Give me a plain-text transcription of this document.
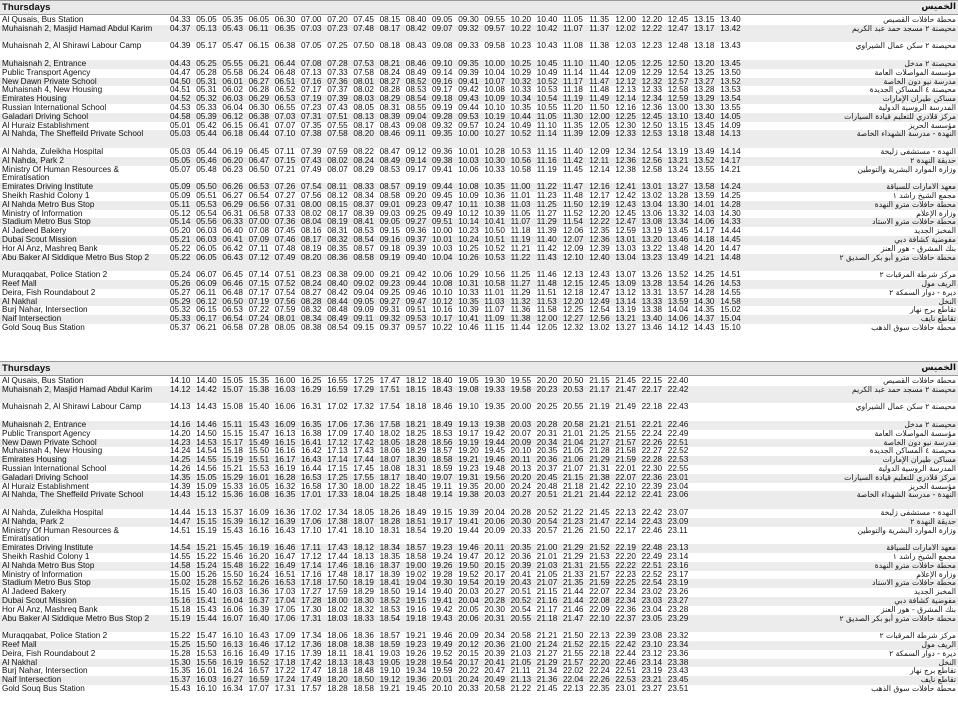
Thursdays	الخميس
Al Qusais, Bus Station	04.33 05.05 05.35 06.05 06.30 07.00 07.20 07.45 08.15 08.40 09.05 09.30 09.55 10.20 10.40 11.05 11.35 12.00 12.20 12.45 13.15 13.40	محطة حافلات القصيص
Muhaisnah 2, Masjid Hamad Abdul Karim	04.37 05.13 05.43 06.11 06.35 07.03 07.23 07.48 08.17 08.42 09.07 09.32 09.57 10.22 10.42 11.07 11.37 12.02 12.22 12.47 13.17 13.42	محيصنة ٢ مسجد حمد عبد الكريم
Muhaisnah 2, Al Shirawi Labour Camp	04.39 05.17 05.47 06.15 06.38 07.05 07.25 07.50 08.18 08.43 09.08 09.33 09.58 10.23 10.43 11.08 11.38 12.03 12.23 12.48 13.18 13.43	محيصنة ٢ سكن عمال الشيراوي
Muhaisnah 2, Entrance	04.43 05.25 05.55 06.21 06.44 07.08 07.28 07.53 08.21 08.46 09.10 09.35 10.00 10.25 10.45 11.10 11.40 12.05 12.25 12.50 13.20 13.45	محيصنة ٢ مدخل
Public Transport Agency	04.47 05.28 05.58 06.24 06.48 07.13 07.33 07.58 08.24 08.49 09.14 09.39 10.04 10.29 10.49 11.14 11.44 12.09 12.29 12.54 13.25 13.50	مؤسسة المواصلات العامة
New Dawn Private School	04.50 05.31 06.01 06.27 06.51 07.16 07.36 08.01 08.27 08.52 09.16 09.41 10.07 10.32 10.52 11.17 11.47 12.12 12.32 12.57 13.27 13.52	مدرسة نيو دون الخاصة
Muhaisnah 4, New Housing	04.51 05.31 06.02 06.28 06.52 07.17 07.37 08.02 08.28 08.53 09.17 09.42 10.08 10.33 10.53 11.18 11.48 12.13 12.33 12.58 13.28 13.53	محيصنة ٤ المساكن الجديدة
Emirates Housing	04.52 05.32 06.03 06.29 06.53 07.19 07.39 08.03 08.29 08.54 09.18 09.43 10.09 10.34 10.54 11.19 11.49 12.14 12.34 12.59 13.29 13.54	مساكن طيران الإمارات
Russian International School	04.53 05.33 06.04 06.30 06.55 07.23 07.43 08.05 08.31 08.55 09.19 09.44 10.10 10.35 10.55 11.20 11.50 12.16 12.36 13.00 13.30 13.55	المدرسة الروسية الدولية
Galadari Driving School	04.58 05.39 06.12 06.38 07.03 07.31 07.51 08.13 08.39 09.04 09.28 09.53 10.19 10.44 11.05 11.30 12.00 12.25 12.45 13.10 13.40 14.05	مركز قلادري للتعليم قيادة السيارات
Al Huraiz Establishment	05.01 05.42 06.15 06.41 07.07 07.35 07.55 08.17 08.43 09.08 09.32 09.57 10.24 10.49 11.10 11.35 12.05 12.30 12.50 13.15 13.45 14.09	مؤسسة الحريز
Al Nahda, The Sheffeild Private School	05.03 05.44 06.18 06.44 07.10 07.38 07.58 08.20 08.46 09.11 09.35 10.00 10.27 10.52 11.14 11.39 12.09 12.33 12.53 13.18 13.48 14.13	النهدة - مدرسة الشهداء الخاصة
Al Nahda, Zuleikha Hospital	05.03 05.44 06.19 06.45 07.11 07.39 07.59 08.22 08.47 09.12 09.36 10.01 10.28 10.53 11.15 11.40 12.09 12.34 12.54 13.19 13.49 14.14	النهدة - مستشفى زليخة
Al Nahda, Park 2	05.05 05.46 06.20 06.47 07.15 07.43 08.02 08.24 08.49 09.14 09.38 10.03 10.30 10.56 11.16 11.42 12.11 12.36 12.56 13.21 13.52 14.17	حديقة النهدة ٢
Ministry Of Human Resources & Emiratisation
05.07 05.48 06.23 06.50 07.21 07.49 08.07 08.29 08.53 09.17 09.41 10.06 10.33 10.58 11.19 11.45 12.14 12.38 12.58 13.24 13.55 14.21	وزارة الموارد البشرية والتوطين
Emirates Driving Institute	05.09 05.50 06.26 06.53 07.26 07.54 08.11 08.33 08.57 09.19 09.44 10.08 10.35 11.00 11.22 11.47 12.16 12.41 13.01 13.27 13.58 14.24	معهد الامارات للسياقة
Sheikh Rashid Colony 1	05.09 05.51 06.27 06.54 07.27 07.56 08.12 08.34 08.58 09.20 09.45 10.09 10.36 11.01 11.23 11.48 12.17 12.42 13.02 13.28 13.59 14.25	مجمع الشيخ راشد ١
Al Nahda Metro Bus Stop	05.11 05.53 06.29 06.56 07.31 08.00 08.15 08.37 09.01 09.23 09.47 10.11 10.38 11.03 11.25 11.50 12.19 12.43 13.04 13.30 14.01 14.28	محطة حافلات مترو النهدة
Ministry of Information	05.12 05.54 06.31 06.58 07.33 08.02 08.17 08.39 09.03 09.25 09.49 10.12 10.39 11.05 11.27 11.52 12.20 12.45 13.06 13.32 14.03 14.30	وزارة الإعلام
Stadium Metro Bus Stop	05.14 05.56 06.33 07.00 07.36 08.04 08.19 08.41 09.05 09.27 09.51 10.14 10.41 11.07 11.29 11.54 12.22 12.47 13.08 13.34 14.06 14.33	محطة حافلات مترو الاستاد
Al Jadeed Bakery	05.20 06.03 06.40 07.08 07.45 08.16 08.31 08.53 09.15 09.36 10.00 10.23 10.50 11.18 11.39 12.06 12.35 12.59 13.19 13.45 14.17 14.44	المخبز الجديد
Dubai Scout Mission	05.21 06.03 06.41 07.09 07.46 08.17 08.32 08.54 09.16 09.37 10.01 10.24 10.51 11.19 11.40 12.07 12.36 13.01 13.20 13.46 14.18 14.45	مفوضية كشافة دبي
Hor Al Anz, Mashreq Bank	05.22 06.05 06.42 07.11 07.48 08.19 08.35 08.57 09.18 09.39 10.03 10.25 10.52 11.21 11.42 12.09 12.39 13.03 13.22 13.48 14.20 14.47	بنك المشرق - هور العنز
Abu Baker Al Siddique Metro Bus Stop 2	05.22 06.05 06.43 07.12 07.49 08.20 08.36 08.58 09.19 09.40 10.04 10.26 10.53 11.22 11.43 12.10 12.40 13.04 13.23 13.49 14.21 14.48	محطة حافلات مترو أبو بكر الصديق ٢
Muraqqabat, Police Station 2	05.24 06.07 06.45 07.14 07.51 08.23 08.38 09.00 09.21 09.42 10.06 10.29 10.56 11.25 11.46 12.13 12.43 13.07 13.26 13.52 14.25 14.51	مركز شرطة المرقبات ٢
Reef Mall	05.26 06.09 06.46 07.15 07.52 08.24 08.40 09.02 09.23 09.44 10.08 10.31 10.58 11.27 11.48 12.15 12.45 13.09 13.28 13.54 14.26 14.53	الريف مول
Deira, Fish Roundabout 2	05.27 06.11 06.48 07.17 07.54 08.27 08.42 09.04 09.25 09.46 10.10 10.33 11.01 11.29 11.51 12.18 12.47 13.12 13.31 13.57 14.28 14.55	ديرة - دوار السمكة ٢
Al Nakhal	05.29 06.12 06.50 07.19 07.56 08.28 08.44 09.05 09.27 09.47 10.12 10.35 11.03 11.32 11.53 12.20 12.49 13.14 13.33 13.59 14.30 14.58	النخل
Burj Nahar, Intersection	05.32 06.15 06.53 07.22 07.59 08.32 08.48 09.09 09.31 09.51 10.16 10.39 11.07 11.36 11.58 12.25 12.54 13.19 13.38 14.04 14.35 15.02	تقاطع برج نهار
Naif Intersection	05.33 06.17 06.54 07.24 08.01 08.34 08.49 09.11 09.32 09.53 10.17 10.41 11.09 11.38 12.00 12.27 12.56 13.21 13.40 14.06 14.37 15.04	تقاطع نايف
Gold Souq Bus Station	05.37 06.21 06.58 07.28 08.05 08.38 08.54 09.15 09.37 09.57 10.22 10.46 11.15 11.44 12.05 12.32 13.02 13.27 13.46 14.12 14.43 15.10	محطة حافلات سوق الذهب
Thursdays	الخميس
Al Qusais, Bus Station	14.10 14.40 15.05 15.35 16.00 16.25 16.55 17.25 17.47 18.12 18.40 19.05 19.30 19.55 20.20 20.50 21.15 21.45 22.15 22.40	محطة حافلات القصيص
Muhaisnah 2, Masjid Hamad Abdul Karim	14.12 14.42 15.07 15.38 16.03 16.29 16.59 17.29 17.51 18.15 18.43 19.08 19.33 19.58 20.23 20.53 21.17 21.47 22.17 22.42	محيصنة ٢ مسجد حمد عبد الكريم
Muhaisnah 2, Al Shirawi Labour Camp	14.13 14.43 15.08 15.40 16.06 16.31 17.02 17.32 17.54 18.18 18.46 19.10 19.35 20.00 20.25 20.55 21.19 21.49 22.18 22.43	محيصنة ٢ سكن عمال الشيراوي
Muhaisnah 2, Entrance	14.16 14.46 15.11 15.43 16.09 16.35 17.06 17.36 17.58 18.21 18.49 19.13 19.38 20.03 20.28 20.58 21.21 21.51 22.21 22.46	محيصنة ٢ مدخل
Public Transport Agency	14.20 14.50 15.15 15.47 16.13 16.38 17.09 17.40 18.02 18.25 18.53 19.17 19.42 20.07 20.31 21.01 21.25 21.55 22.24 22.49	مؤسسة المواصلات العامة
New Dawn Private School	14.23 14.53 15.17 15.49 16.15 16.41 17.12 17.42 18.05 18.28 18.56 19.19 19.44 20.09 20.34 21.04 21.27 21.57 22.26 22.51	مدرسة نيو دون الخاصة
Muhaisnah 4, New Housing	14.24 14.54 15.18 15.50 16.16 16.42 17.13 17.43 18.06 18.29 18.57 19.20 19.45 20.10 20.35 21.05 21.28 21.58 22.27 22.52	محيصنة ٤ المساكن الجديدة
Emirates Housing	14.25 14.55 15.19 15.51 16.17 16.43 17.14 17.44 18.07 18.30 18.58 19.21 19.46 20.11 20.36 21.06 21.29 21.59 22.28 22.53	مساكن طيران الإمارات
Russian International School	14.26 14.56 15.21 15.53 16.19 16.44 17.15 17.45 18.08 18.31 18.59 19.23 19.48 20.13 20.37 21.07 21.31 22.01 22.30 22.55	المدرسة الروسية الدولية
Galadari Driving School	14.35 15.05 15.29 16.01 16.28 16.53 17.25 17.55 18.17 18.40 19.07 19.31 19.56 20.20 20.45 21.15 21.38 22.07 22.36 23.01	مركز قلادري للتعليم قيادة السيارات
Al Huraiz Establishment	14.39 15.09 15.33 16.05 16.32 16.58 17.30 18.00 18.22 18.45 19.11 19.35 20.00 20.24 20.48 21.18 21.42 22.10 22.39 23.04	مؤسسة الحريز
Al Nahda, The Sheffeild Private School	14.43 15.12 15.36 16.08 16.35 17.01 17.33 18.04 18.25 18.48 19.14 19.38 20.03 20.27 20.51 21.21 21.44 22.12 22.41 23.06	النهدة - مدرسة الشهداء الخاصة
Al Nahda, Zuleikha Hospital	14.44 15.13 15.37 16.09 16.36 17.02 17.34 18.05 18.26 18.49 19.15 19.39 20.04 20.28 20.52 21.22 21.45 22.13 22.42 23.07	النهدة - مستشفى زليخة
Al Nahda, Park 2	14.47 15.15 15.39 16.12 16.39 17.06 17.38 18.07 18.28 18.51 19.17 19.41 20.06 20.30 20.54 21.23 21.47 22.14 22.43 23.09	حديقة النهدة ٢
Ministry Of Human Resources & Emiratisation
14.51 15.19 15.43 16.16 16.43 17.10 17.41 18.10 18.31 18.54 19.20 19.44 20.09 20.33 20.57 21.26 21.50 22.17 22.46 23.11	وزارة الموارد البشرية والتوطين
Emirates Driving Institute	14.54 15.21 15.45 16.19 16.46 17.11 17.43 18.12 18.34 18.57 19.23 19.46 20.11 20.35 21.00 21.29 21.52 22.19 22.48 23.13	معهد الامارات للسياقة
Sheikh Rashid Colony 1	14.55 15.22 15.46 16.20 16.47 17.12 17.44 18.13 18.35 18.58 19.24 19.47 20.12 20.36 21.01 21.29 21.53 22.20 22.49 23.14	مجمع الشيخ راشد ١
Al Nahda Metro Bus Stop	14.58 15.24 15.48 16.22 16.49 17.14 17.46 18.16 18.37 19.00 19.26 19.50 20.15 20.39 21.03 21.31 21.55 22.22 22.51 23.16	محطة حافلات مترو النهدة
Ministry of Information	15.00 15.26 15.50 16.24 16.51 17.16 17.48 18.17 18.39 19.02 19.28 19.52 20.17 20.41 21.05 21.33 21.57 22.23 22.52 23.17	وزارة الإعلام
Stadium Metro Bus Stop	15.02 15.28 15.52 16.26 16.53 17.18 17.50 18.19 18.41 19.04 19.30 19.54 20.19 20.43 21.07 21.35 21.59 22.25 22.54 23.19	محطة حافلات مترو الاستاد
Al Jadeed Bakery	15.15 15.40 16.03 16.36 17.03 17.27 17.59 18.29 18.50 19.14 19.40 20.03 20.27 20.51 21.15 21.44 22.07 22.34 23.02 23.26	المخبز الجديد
Dubai Scout Mission	15.16 15.41 16.04 16.37 17.04 17.28 18.00 18.30 18.52 19.15 19.41 20.04 20.28 20.52 21.16 21.44 22.08 22.34 23.03 23.27	مفوضية كشافة دبي
Hor Al Anz, Mashreq Bank	15.18 15.43 16.06 16.39 17.05 17.30 18.02 18.32 18.53 19.16 19.42 20.05 20.30 20.54 21.17 21.46 22.09 22.36 23.04 23.28	بنك المشرق - هور العنز
Abu Baker Al Siddique Metro Bus Stop 2	15.19 15.44 16.07 16.40 17.06 17.31 18.03 18.33 18.54 19.18 19.43 20.06 20.31 20.55 21.18 21.47 22.10 22.37 23.05 23.29	محطة حافلات مترو أبو بكر الصديق ٢
Muraqqabat, Police Station 2	15.22 15.47 16.10 16.43 17.09 17.34 18.06 18.36 18.57 19.21 19.46 20.09 20.34 20.58 21.21 21.50 22.13 22.39 23.08 23.32	مركز شرطة المرقبات ٢
Reef Mall	15.25 15.50 16.13 16.46 17.12 17.36 18.08 18.38 18.59 19.23 19.49 20.12 20.36 21.00 21.24 21.52 22.15 22.42 23.10 23.34	الريف مول
Deira, Fish Roundabout 2	15.28 15.53 16.16 16.49 17.15 17.39 18.11 18.41 19.03 19.26 19.52 20.15 20.39 21.03 21.27 21.55 22.18 22.44 23.12 23.36	ديرة - دوار السمكة ٢
Al Nakhal	15.30 15.56 16.19 16.52 17.18 17.42 18.13 18.43 19.05 19.28 19.54 20.17 20.41 21.05 21.29 21.57 22.20 22.46 23.14 23.38	النخل
Burj Nahar, Intersection	15.35 16.01 16.24 16.57 17.22 17.47 18.18 18.48 19.10 19.34 19.59 20.22 20.47 21.11 21.34 22.02 22.24 22.51 23.19 23.43	تقاطع برج نهار
Naif Intersection	15.37 16.03 16.27 16.59 17.24 17.49 18.20 18.50 19.12 19.36 20.01 20.24 20.49 21.13 21.36 22.04 22.26 22.53 23.21 23.45	تقاطع نايف
Gold Souq Bus Station	15.43 16.10 16.34 17.07 17.31 17.57 18.28 18.58 19.21 19.45 20.10 20.33 20.58 21.22 21.45 22.13 22.35 23.01 23.27 23.51	محطة حافلات سوق الذهب
